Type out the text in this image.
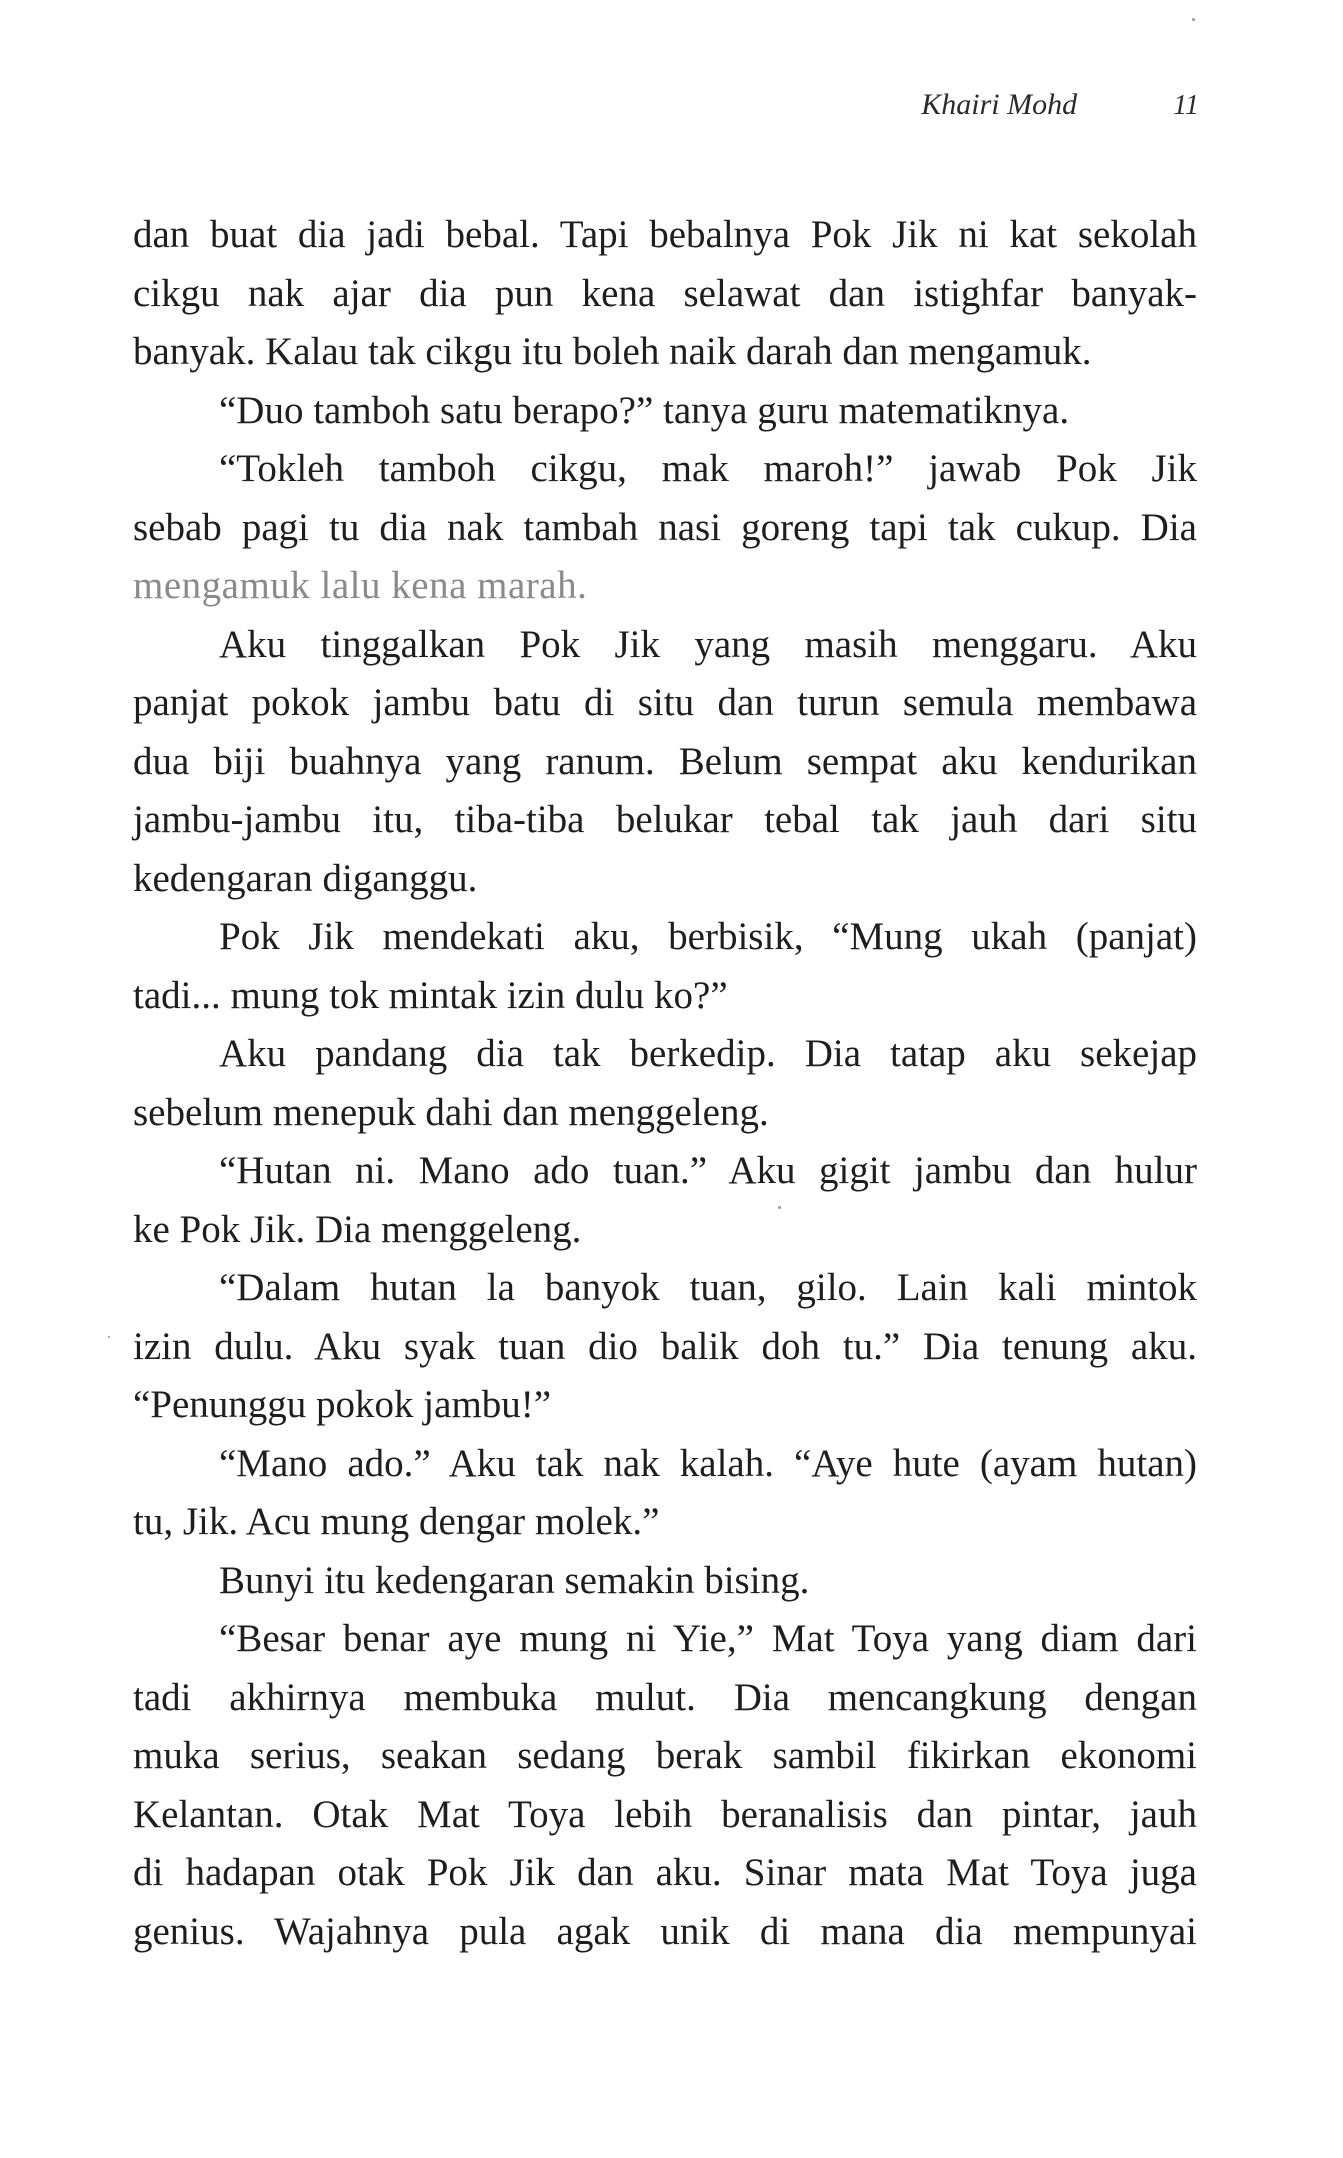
Khairi Mohd	11
dan buat dia jadi bebal. Tapi bebalnya Pok Jik ni kat sekolah
cikgu nak ajar dia pun kena selawat dan istighfar banyak-
banyak. Kalau tak cikgu itu boleh naik darah dan mengamuk.
“Duo tamboh satu berapo?” tanya guru matematiknya.
“Tokleh tamboh cikgu, mak maroh!” jawab Pok Jik
sebab pagi tu dia nak tambah nasi goreng tapi tak cukup. Dia
mengamuk lalu kena marah.
Aku tinggalkan Pok Jik yang masih menggaru. Aku
panjat pokok jambu batu di situ dan turun semula membawa
dua biji buahnya yang ranum. Belum sempat aku kendurikan
jambu-jambu itu, tiba-tiba belukar tebal tak jauh dari situ
kedengaran diganggu.
Pok Jik mendekati aku, berbisik, “Mung ukah (panjat)
tadi... mung tok mintak izin dulu ko?”
Aku pandang dia tak berkedip. Dia tatap aku sekejap
sebelum menepuk dahi dan menggeleng.
“Hutan ni. Mano ado tuan.” Aku gigit jambu dan hulur
ke Pok Jik. Dia menggeleng.
“Dalam hutan la banyok tuan, gilo. Lain kali mintok
izin dulu. Aku syak tuan dio balik doh tu.” Dia tenung aku.
“Penunggu pokok jambu!”
“Mano ado.” Aku tak nak kalah. “Aye hute (ayam hutan)
tu, Jik. Acu mung dengar molek.”
Bunyi itu kedengaran semakin bising.
“Besar benar aye mung ni Yie,” Mat Toya yang diam dari
tadi akhirnya membuka mulut. Dia mencangkung dengan
muka serius, seakan sedang berak sambil fikirkan ekonomi
Kelantan. Otak Mat Toya lebih beranalisis dan pintar, jauh
di hadapan otak Pok Jik dan aku. Sinar mata Mat Toya juga
genius. Wajahnya pula agak unik di mana dia mempunyai
